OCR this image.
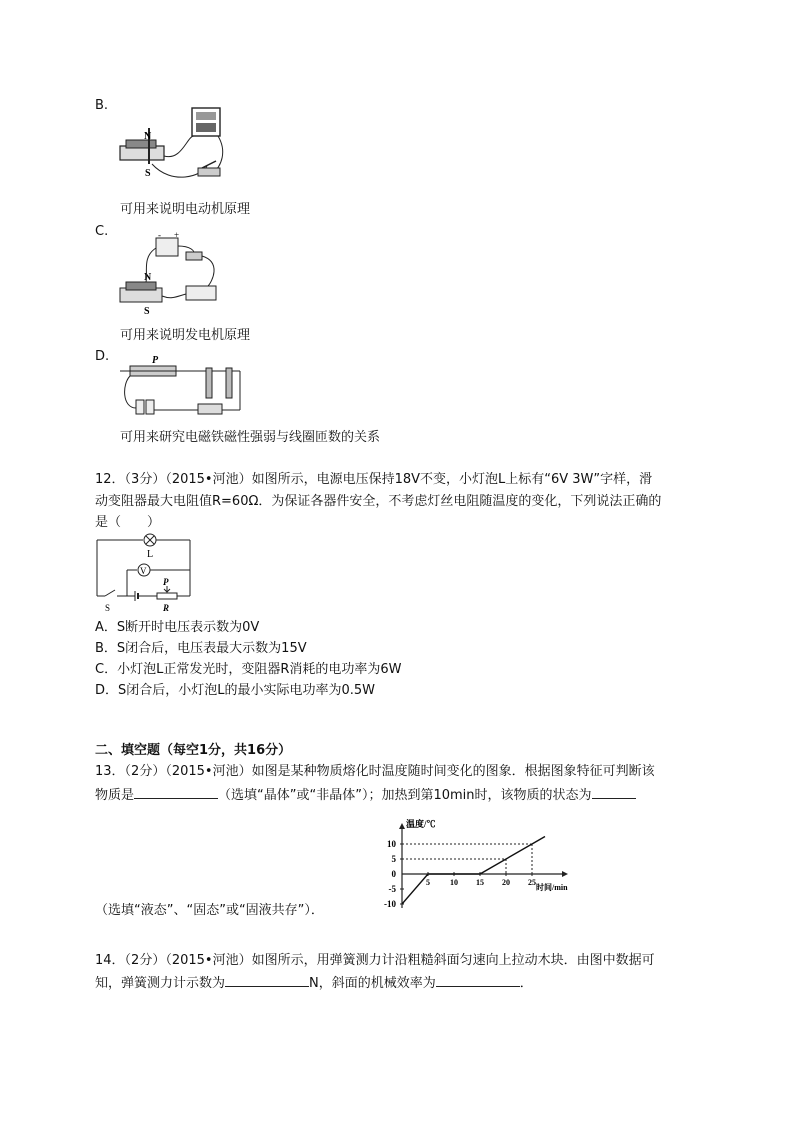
B.
N
S
可用来说明电动机原理
C.	- +
N
S
可用来说明发电机原理
D.	P
可用来研究电磁铁磁性强弱与线圈匝数的关系
12．（3分）（2015•河池）如图所示，电源电压保持18V不变，小灯泡L上标有“6V 3W”字样，滑
动变阻器最大电阻值R=60Ω．为保证各器件安全，不考虑灯丝电阻随温度的变化，下列说法正确的
是（　　）
L
V
P
S	R
A．S断开时电压表示数为0V
B．S闭合后，电压表最大示数为15V
C．小灯泡L正常发光时，变阻器R消耗的电功率为6W
D．S闭合后，小灯泡L的最小实际电功率为0.5W
二、填空题（每空1分，共16分）
13．（2分）（2015•河池）如图是某种物质熔化时温度随时间变化的图象．根据图象特征可判断该
物质是	（选填“晶体”或“非晶体”）；加热到第10min时，该物质的状态为
温度/℃
时间/min
10
5
0
-5
-10
5	10 15 20 25
（选填“液态”、“固态”或“固液共存”）．
14．（2分）（2015•河池）如图所示，用弹簧测力计沿粗糙斜面匀速向上拉动木块．由图中数据可
知，弹簧测力计示数为	N，斜面的机械效率为	．
